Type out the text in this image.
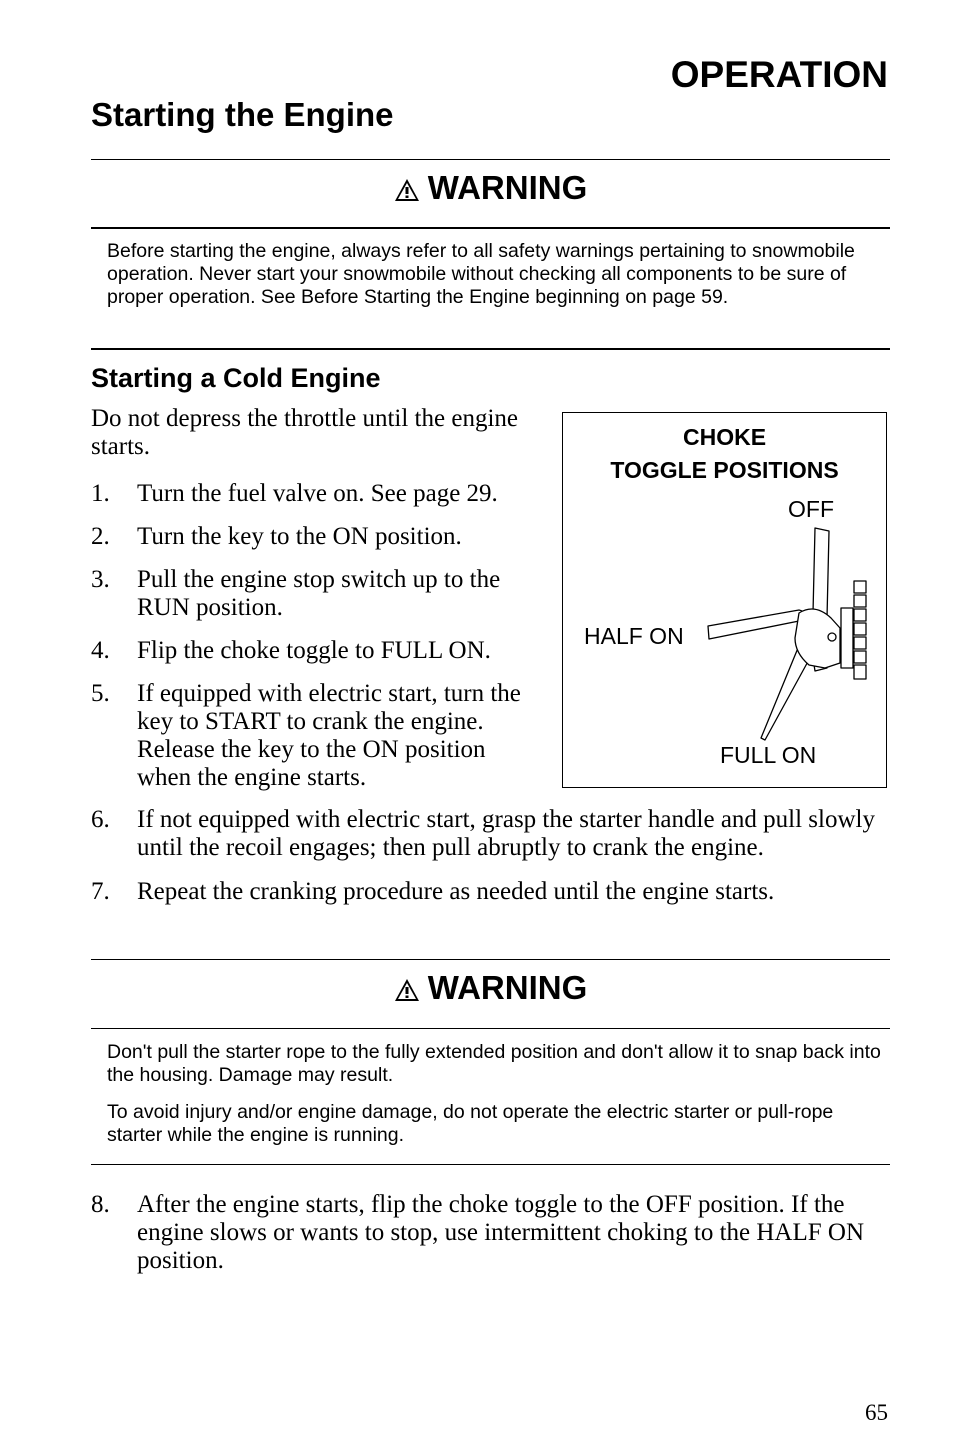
OPERATION
Starting the Engine
WARNING

Before starting the engine, always refer to all safety warnings pertaining to snowmobile operation. Never start your snowmobile without checking all components to be sure of proper operation. See Before Starting the Engine beginning on page 59.

Starting a Cold Engine

Do not depress the throttle until the engine starts.

1. Turn the fuel valve on. See page 29.
2. Turn the key to the ON position.
3. Pull the engine stop switch up to the RUN position.
4. Flip the choke toggle to FULL ON.
5. If equipped with electric start, turn the key to START to crank the engine. Release the key to the ON position when the engine starts.
6. If not equipped with electric start, grasp the starter handle and pull slowly until the recoil engages; then pull abruptly to crank the engine.
7. Repeat the cranking procedure as needed until the engine starts.
CHOKE
TOGGLE POSITIONS
OFF
HALF ON
FULL ON
WARNING

Don't pull the starter rope to the fully extended position and don't allow it to snap back into the housing. Damage may result.

To avoid injury and/or engine damage, do not operate the electric starter or pull-rope starter while the engine is running.

8. After the engine starts, flip the choke toggle to the OFF position. If the engine slows or wants to stop, use intermittent choking to the HALF ON position.
65
